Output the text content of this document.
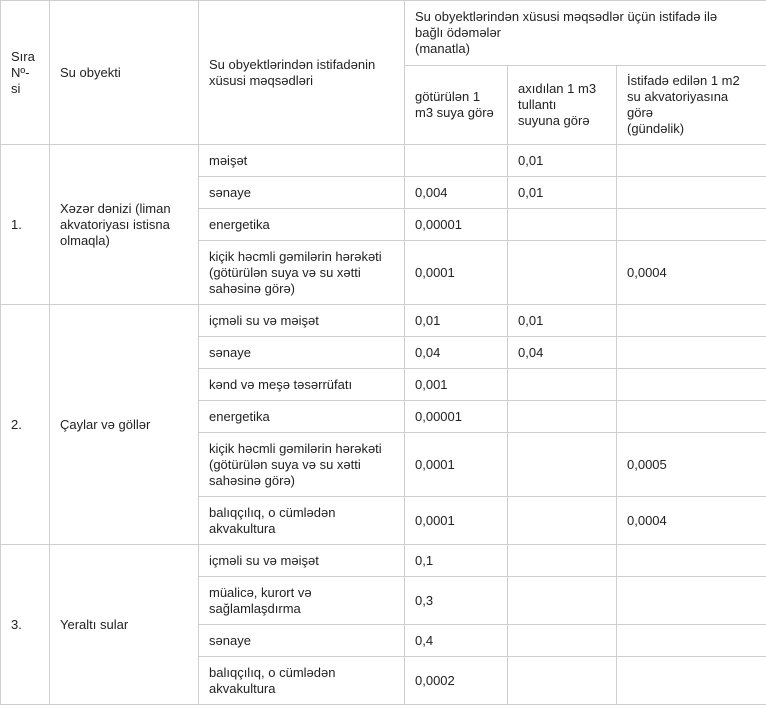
Sıra
Nº-
si	Su obyekti	Su obyektlərindən istifadənin
xüsusi məqsədləri	Su obyektlərindən xüsusi məqsədlər üçün istifadə ilə
bağlı ödəmələr
(manatla)		
			götürülən 1
m3 suya görə	axıdılan 1 m3
tullantı
suyuna görə	İstifadə edilən 1 m2
su akvatoriyasına
görə
(gündəlik)
1.	Xəzər dənizi (liman
akvatoriyası istisna
olmaqla)	məişət		0,01	
		sənaye	0,004	0,01	
		energetika	0,00001		
		kiçik həcmli gəmilərin hərəkəti
(götürülən suya və su xətti
sahəsinə görə)	0,0001		0,0004
2.	Çaylar və göllər	içməli su və məişət	0,01	0,01	
		sənaye	0,04	0,04	
		kənd və meşə təsərrüfatı	0,001		
		energetika	0,00001		
		kiçik həcmli gəmilərin hərəkəti
(götürülən suya və su xətti
sahəsinə görə)	0,0001		0,0005
		balıqçılıq, o cümlədən
akvakultura	0,0001		0,0004
3.	Yeraltı sular	içməli su və məişət	0,1		
		müalicə, kurort və
sağlamlaşdırma	0,3		
		sənaye	0,4		
		balıqçılıq, o cümlədən
akvakultura	0,0002		
